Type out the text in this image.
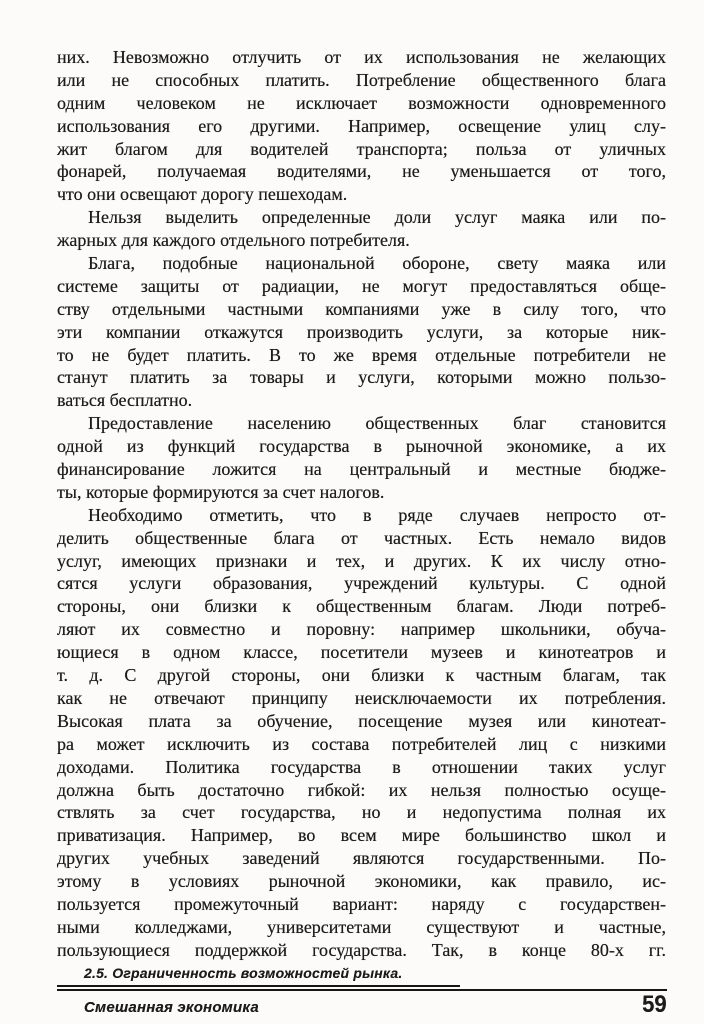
них. Невозможно отлучить от их использования не желающих
или не способных платить. Потребление общественного блага
одним человеком не исключает возможности одновременного
использования его другими. Например, освещение улиц слу-
жит благом для водителей транспорта; польза от уличных
фонарей, получаемая водителями, не уменьшается от того,
что они освещают дорогу пешеходам.
Нельзя выделить определенные доли услуг маяка или по-
жарных для каждого отдельного потребителя.
Блага, подобные национальной обороне, свету маяка или
системе защиты от радиации, не могут предоставляться обще-
ству отдельными частными компаниями уже в силу того, что
эти компании откажутся производить услуги, за которые ник-
то не будет платить. В то же время отдельные потребители не
станут платить за товары и услуги, которыми можно пользо-
ваться бесплатно.
Предоставление населению общественных благ становится
одной из функций государства в рыночной экономике, а их
финансирование ложится на центральный и местные бюдже-
ты, которые формируются за счет налогов.
Необходимо отметить, что в ряде случаев непросто от-
делить общественные блага от частных. Есть немало видов
услуг, имеющих признаки и тех, и других. К их числу отно-
сятся услуги образования, учреждений культуры. С одной
стороны, они близки к общественным благам. Люди потреб-
ляют их совместно и поровну: например школьники, обуча-
ющиеся в одном классе, посетители музеев и кинотеатров и
т. д. С другой стороны, они близки к частным благам, так
как не отвечают принципу неисключаемости их потребления.
Высокая плата за обучение, посещение музея или кинотеат-
ра может исключить из состава потребителей лиц с низкими
доходами. Политика государства в отношении таких услуг
должна быть достаточно гибкой: их нельзя полностью осуще-
ствлять за счет государства, но и недопустима полная их
приватизация. Например, во всем мире большинство школ и
других учебных заведений являются государственными. По-
этому в условиях рыночной экономики, как правило, ис-
пользуется промежуточный вариант: наряду с государствен-
ными колледжами, университетами существуют и частные,
пользующиеся поддержкой государства. Так, в конце 80-х гг.
2.5. Ограниченность возможностей рынка.
Смешанная экономика	59
